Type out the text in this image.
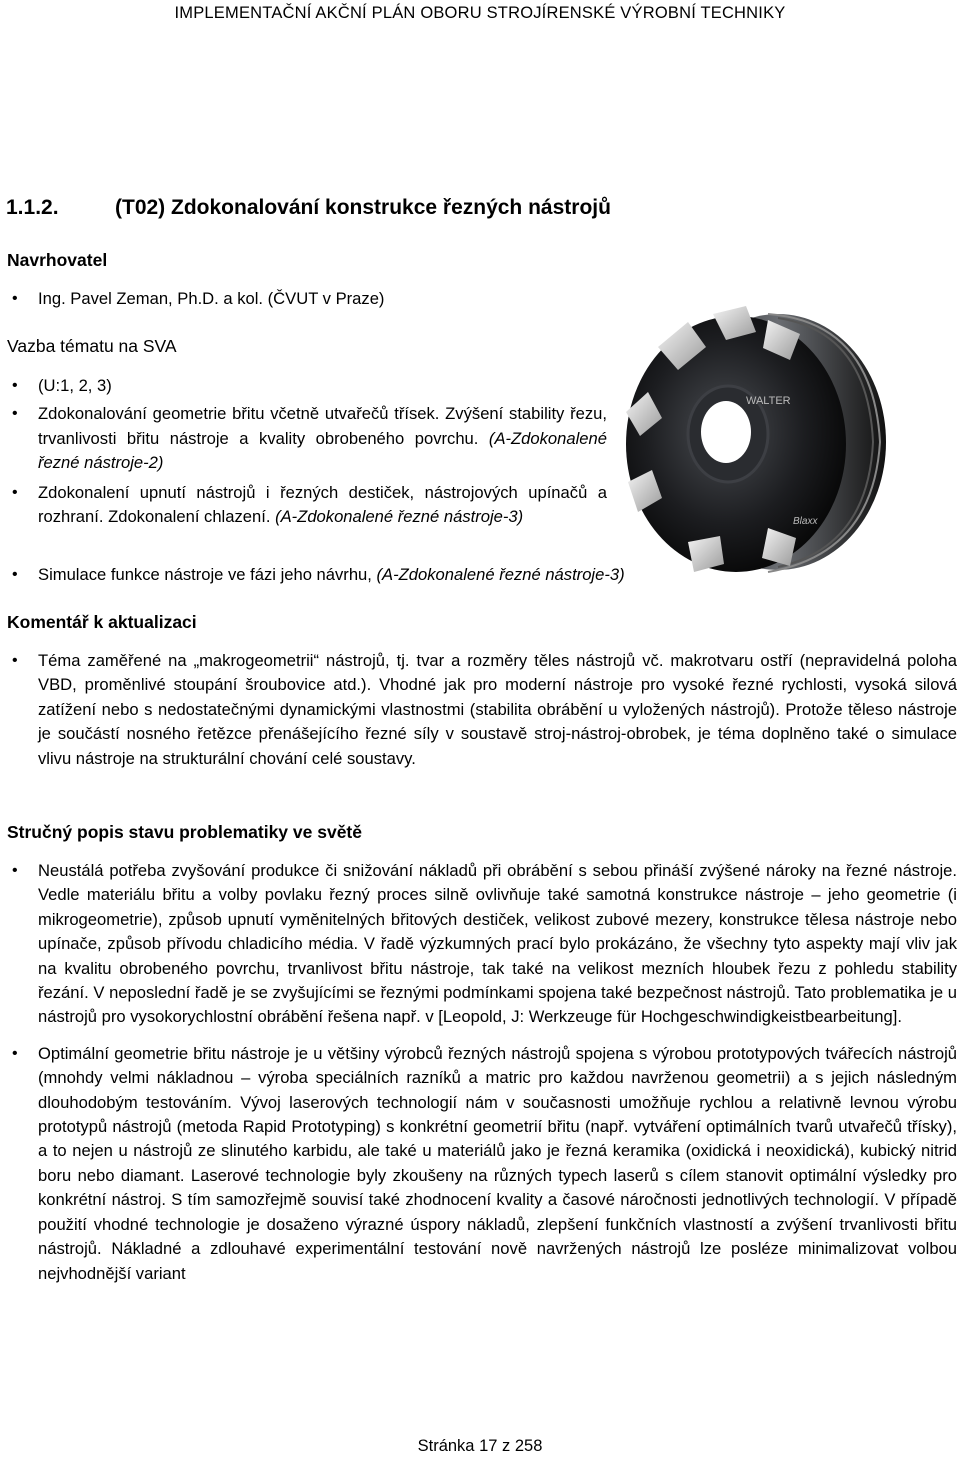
IMPLEMENTAČNÍ AKČNÍ PLÁN OBORU STROJÍRENSKÉ VÝROBNÍ TECHNIKY
1.1.2.	(T02) Zdokonalování konstrukce řezných nástrojů
Navrhovatel
• Ing. Pavel Zeman, Ph.D. a kol. (ČVUT v Praze)
Vazba tématu na SVA
• (U:1, 2, 3)
• Zdokonalování geometrie břitu včetně utvařečů třísek. Zvýšení stability řezu, trvanlivosti břitu nástroje a kvality obrobeného povrchu. (A-Zdokonalené řezné nástroje-2)
• Zdokonalení upnutí nástrojů i řezných destiček, nástrojových upínačů a rozhraní. Zdokonalení chlazení. (A-Zdokonalené řezné nástroje-3)
• Simulace funkce nástroje ve fázi jeho návrhu, (A-Zdokonalené řezné nástroje-3)
WALTER
Blaxx
Komentář k aktualizaci
• Téma zaměřené na „makrogeometrii“ nástrojů, tj. tvar a rozměry těles nástrojů vč. makrotvaru ostří (nepravidelná poloha VBD, proměnlivé stoupání šroubovice atd.). Vhodné jak pro moderní nástroje pro vysoké řezné rychlosti, vysoká silová zatížení nebo s nedostatečnými dynamickými vlastnostmi (stabilita obrábění u vyložených nástrojů). Protože těleso nástroje je součástí nosného řetězce přenášejícího řezné síly v soustavě stroj-nástroj-obrobek, je téma doplněno také o simulace vlivu nástroje na strukturální chování celé soustavy.
Stručný popis stavu problematiky ve světě
• Neustálá potřeba zvyšování produkce či snižování nákladů při obrábění s sebou přináší zvýšené nároky na řezné nástroje. Vedle materiálu břitu a volby povlaku řezný proces silně ovlivňuje také samotná konstrukce nástroje – jeho geometrie (i mikrogeometrie), způsob upnutí vyměnitelných břitových destiček, velikost zubové mezery, konstrukce tělesa nástroje nebo upínače, způsob přívodu chladicího média. V řadě výzkumných prací bylo prokázáno, že všechny tyto aspekty mají vliv jak na kvalitu obrobeného povrchu, trvanlivost břitu nástroje, tak také na velikost mezních hloubek řezu z pohledu stability řezání. V neposlední řadě je se zvyšujícími se řeznými podmínkami spojena také bezpečnost nástrojů. Tato problematika je u nástrojů pro vysokorychlostní obrábění řešena např. v [Leopold, J: Werkzeuge für Hochgeschwindigkeistbearbeitung].
• Optimální geometrie břitu nástroje je u většiny výrobců řezných nástrojů spojena s výrobou prototypových tvářecích nástrojů (mnohdy velmi nákladnou – výroba speciálních razníků a matric pro každou navrženou geometrii) a s jejich následným dlouhodobým testováním. Vývoj laserových technologií nám v současnosti umožňuje rychlou a relativně levnou výrobu prototypů nástrojů (metoda Rapid Prototyping) s konkrétní geometrií břitu (např. vytváření optimálních tvarů utvařečů třísky), a to nejen u nástrojů ze slinutého karbidu, ale také u materiálů jako je řezná keramika (oxidická i neoxidická), kubický nitrid boru nebo diamant. Laserové technologie byly zkoušeny na různých typech laserů s cílem stanovit optimální výsledky pro konkrétní nástroj. S tím samozřejmě souvisí také zhodnocení kvality a časové náročnosti jednotlivých technologií. V případě použití vhodné technologie je dosaženo výrazné úspory nákladů, zlepšení funkčních vlastností a zvýšení trvanlivosti břitu nástrojů. Nákladné a zdlouhavé experimentální testování nově navržených nástrojů lze posléze minimalizovat volbou nejvhodnější variant
Stránka 17 z 258
